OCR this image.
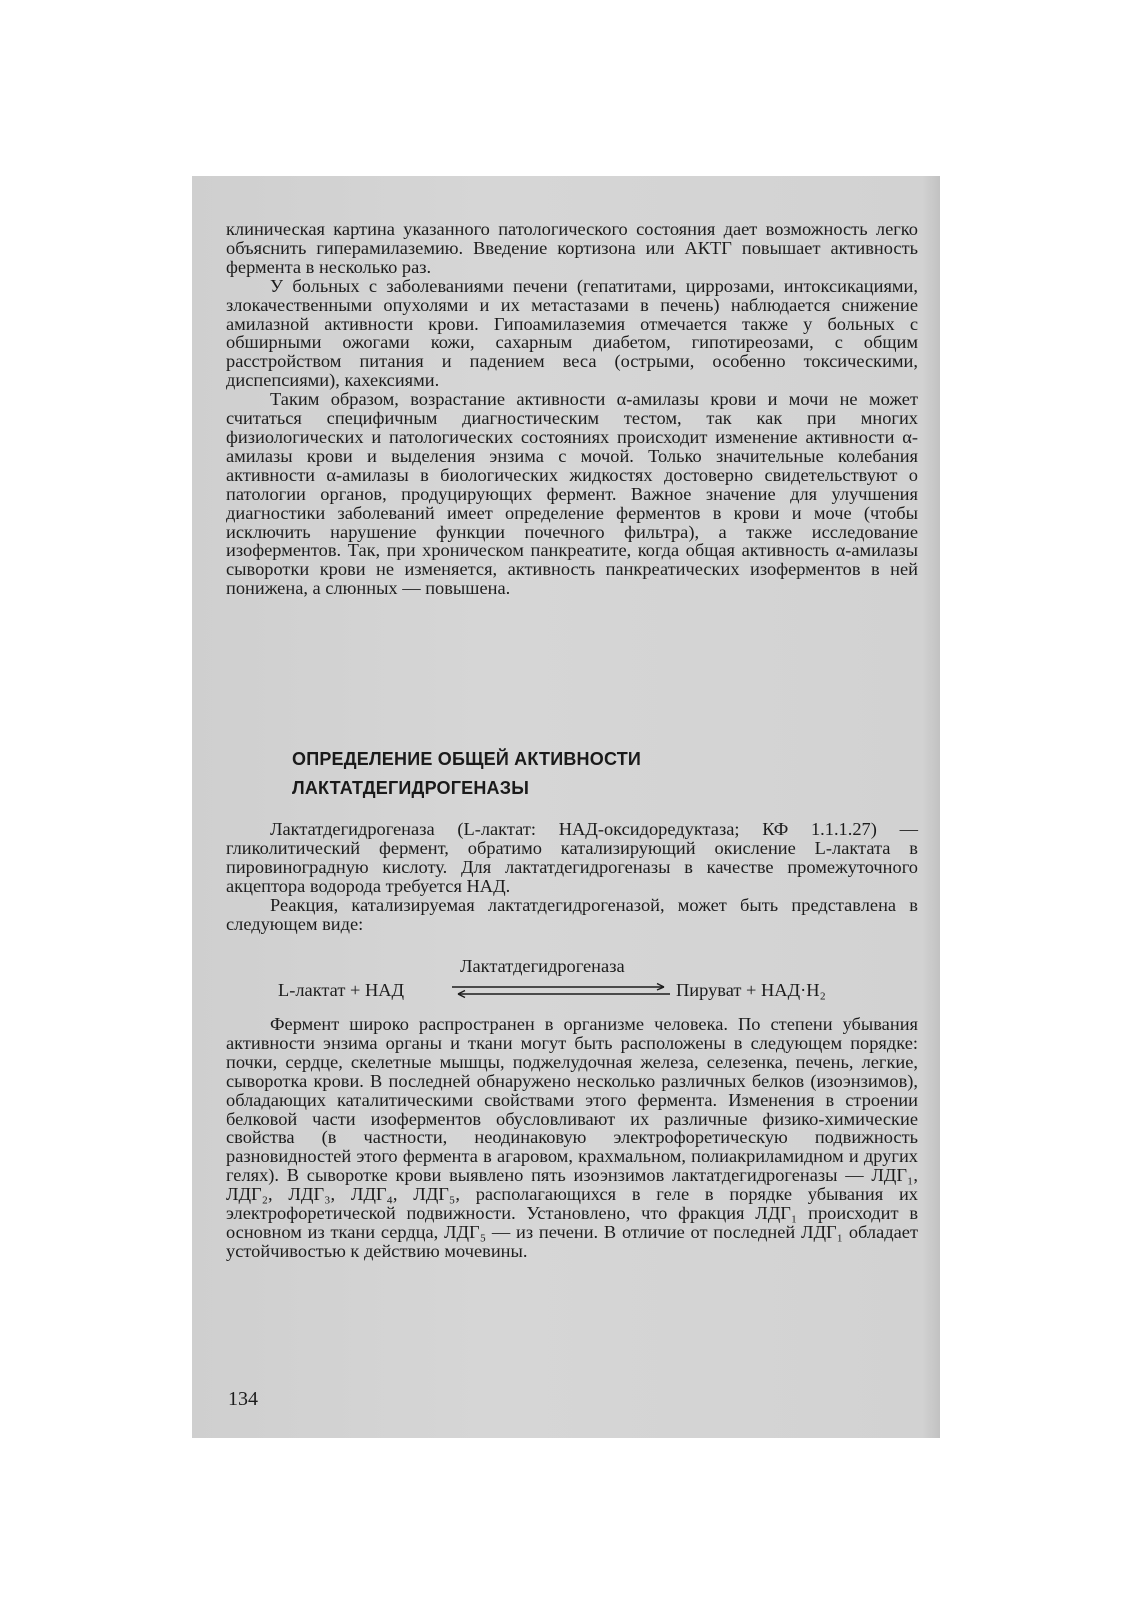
клиническая картина указанного патологического состояния дает возможность легко объяснить гиперамилаземию. Введение кортизона или АКТГ повышает активность фермента в несколько раз.

У больных с заболеваниями печени (гепатитами, циррозами, интоксикациями, злокачественными опухолями и их метастазами в печень) наблюдается снижение амилазной активности крови. Гипоамилаземия отмечается также у больных с обширными ожогами кожи, сахарным диабетом, гипотиреозами, с общим расстройством питания и падением веса (острыми, особенно токсическими, диспепсиями), кахексиями.

Таким образом, возрастание активности α-амилазы крови и мочи не может считаться специфичным диагностическим тестом, так как при многих физиологических и патологических состояниях происходит изменение активности α-амилазы крови и выделения энзима с мочой. Только значительные колебания активности α-амилазы в биологических жидкостях достоверно свидетельствуют о патологии органов, продуцирующих фермент. Важное значение для улучшения диагностики заболеваний имеет определение ферментов в крови и моче (чтобы исключить нарушение функции почечного фильтра), а также исследование изоферментов. Так, при хроническом панкреатите, когда общая активность α-амилазы сыворотки крови не изменяется, активность панкреатических изоферментов в ней понижена, а слюнных — повышена.

ОПРЕДЕЛЕНИЕ ОБЩЕЙ АКТИВНОСТИ
ЛАКТАТДЕГИДРОГЕНАЗЫ

Лактатдегидрогеназа (L-лактат: НАД-оксидоредуктаза; КФ 1.1.1.27) — гликолитический фермент, обратимо катализирующий окисление L-лактата в пировиноградную кислоту. Для лактатдегидрогеназы в качестве промежуточного акцептора водорода требуется НАД.

Реакция, катализируемая лактатдегидрогеназой, может быть представлена в следующем виде:

Лактатдегидрогеназа
L-лактат + НАД	Пируват + НАД·H₂

Фермент широко распространен в организме человека. По степени убывания активности энзима органы и ткани могут быть расположены в следующем порядке: почки, сердце, скелетные мышцы, поджелудочная железа, селезенка, печень, легкие, сыворотка крови. В последней обнаружено несколько различных белков (изоэнзимов), обладающих каталитическими свойствами этого фермента. Изменения в строении белковой части изоферментов обусловливают их различные физико-химические свойства (в частности, неодинаковую электрофоретическую подвижность разновидностей этого фермента в агаровом, крахмальном, полиакриламидном и других гелях). В сыворотке крови выявлено пять изоэнзимов лактатдегидрогеназы — ЛДГ₁, ЛДГ₂, ЛДГ₃, ЛДГ₄, ЛДГ₅, располагающихся в геле в порядке убывания их электрофоретической подвижности. Установлено, что фракция ЛДГ₁ происходит в основном из ткани сердца, ЛДГ₅ — из печени. В отличие от последней ЛДГ₁ обладает устойчивостью к действию мочевины.

134
